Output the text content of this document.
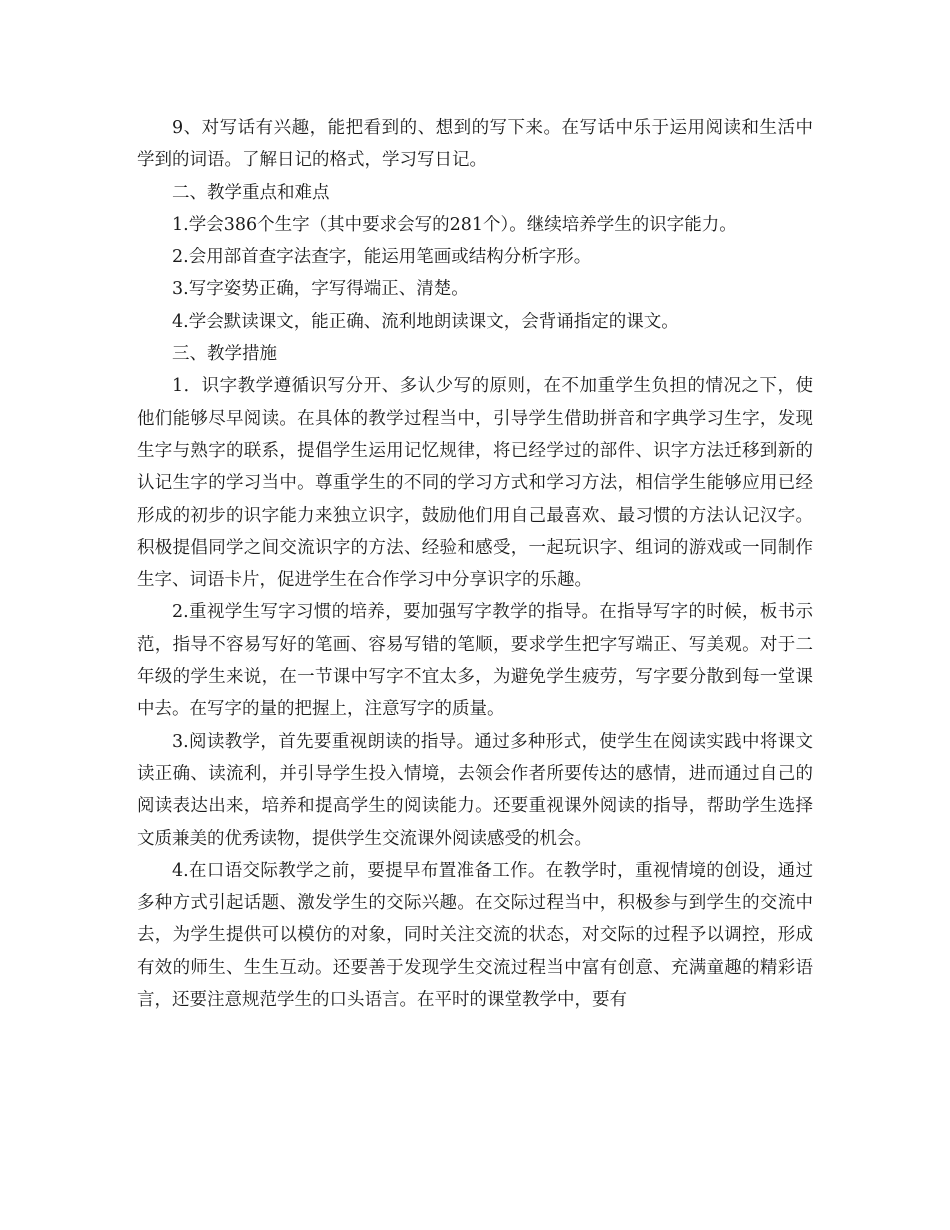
9、对写话有兴趣，能把看到的、想到的写下来。在写话中乐于运用阅读和生活中学到的词语。了解日记的格式，学习写日记。

二、教学重点和难点

1.学会386个生字（其中要求会写的281个）。继续培养学生的识字能力。

2.会用部首查字法查字，能运用笔画或结构分析字形。

3.写字姿势正确，字写得端正、清楚。

4.学会默读课文，能正确、流利地朗读课文，会背诵指定的课文。

三、教学措施

1．识字教学遵循识写分开、多认少写的原则，在不加重学生负担的情况之下，使他们能够尽早阅读。在具体的教学过程当中，引导学生借助拼音和字典学习生字，发现生字与熟字的联系，提倡学生运用记忆规律，将已经学过的部件、识字方法迁移到新的认记生字的学习当中。尊重学生的不同的学习方式和学习方法，相信学生能够应用已经形成的初步的识字能力来独立识字，鼓励他们用自己最喜欢、最习惯的方法认记汉字。积极提倡同学之间交流识字的方法、经验和感受，一起玩识字、组词的游戏或一同制作生字、词语卡片，促进学生在合作学习中分享识字的乐趣。

2.重视学生写字习惯的培养，要加强写字教学的指导。在指导写字的时候，板书示范，指导不容易写好的笔画、容易写错的笔顺，要求学生把字写端正、写美观。对于二年级的学生来说，在一节课中写字不宜太多，为避免学生疲劳，写字要分散到每一堂课中去。在写字的量的把握上，注意写字的质量。

3.阅读教学，首先要重视朗读的指导。通过多种形式，使学生在阅读实践中将课文读正确、读流利，并引导学生投入情境，去领会作者所要传达的感情，进而通过自己的阅读表达出来，培养和提高学生的阅读能力。还要重视课外阅读的指导，帮助学生选择文质兼美的优秀读物，提供学生交流课外阅读感受的机会。

4.在口语交际教学之前，要提早布置准备工作。在教学时，重视情境的创设，通过多种方式引起话题、激发学生的交际兴趣。在交际过程当中，积极参与到学生的交流中去，为学生提供可以模仿的对象，同时关注交流的状态，对交际的过程予以调控，形成有效的师生、生生互动。还要善于发现学生交流过程当中富有创意、充满童趣的精彩语言，还要注意规范学生的口头语言。在平时的课堂教学中，要有
